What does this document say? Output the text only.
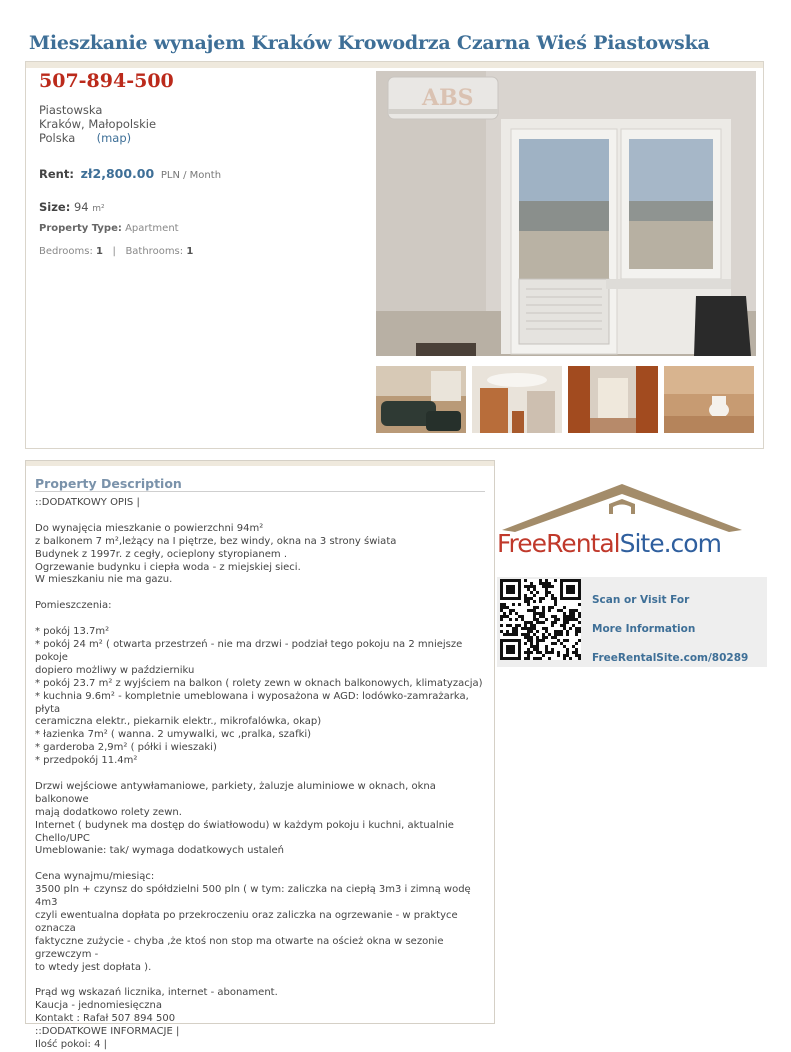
Mieszkanie wynajem Kraków Krowodrza Czarna Wieś Piastowska
507-894-500
Piastowska
Kraków, Małopolskie
Polska (map)
Rent: zł2,800.00 PLN / Month
Size: 94 m²
Property Type: Apartment
Bedrooms: 1 | Bathrooms: 1
ABS
Property Description
::DODATKOWY OPIS |

Do wynajęcia mieszkanie o powierzchni 94m²
z balkonem 7 m²,leżący na I piętrze, bez windy, okna na 3 strony świata
Budynek z 1997r. z cegły, ocieplony styropianem .
Ogrzewanie budynku i ciepła woda - z miejskiej sieci.
W mieszkaniu nie ma gazu.

Pomieszczenia:

* pokój 13.7m²
* pokój 24 m² ( otwarta przestrzeń - nie ma drzwi - podział tego pokoju na 2 mniejsze pokoje
dopiero możliwy w październiku
* pokój 23.7 m² z wyjściem na balkon ( rolety zewn w oknach balkonowych, klimatyzacja)
* kuchnia 9.6m² - kompletnie umeblowana i wyposażona w AGD: lodówko-zamrażarka, płyta
ceramiczna elektr., piekarnik elektr., mikrofalówka, okap)
* łazienka 7m² ( wanna. 2 umywalki, wc ,pralka, szafki)
* garderoba 2,9m² ( półki i wieszaki)
* przedpokój 11.4m²

Drzwi wejściowe antywłamaniowe, parkiety, żaluzje aluminiowe w oknach, okna balkonowe
mają dodatkowo rolety zewn.
Internet ( budynek ma dostęp do światłowodu) w każdym pokoju i kuchni, aktualnie
Chello/UPC
Umeblowanie: tak/ wymaga dodatkowych ustaleń

Cena wynajmu/miesiąc:
3500 pln + czynsz do spółdzielni 500 pln ( w tym: zaliczka na ciepłą 3m3 i zimną wodę 4m3
czyli ewentualna dopłata po przekroczeniu oraz zaliczka na ogrzewanie - w praktyce oznacza
faktyczne zużycie - chyba ,że ktoś non stop ma otwarte na oścież okna w sezonie grzewczym -
to wtedy jest dopłata ).

Prąd wg wskazań licznika, internet - abonament.
Kaucja - jednomiesięczna
Kontakt : Rafał 507 894 500
::DODATKOWE INFORMACJE |
Ilość pokoi: 4 |
FreeRentalSite.com
Scan or Visit For
More Information
FreeRentalSite.com/80289
